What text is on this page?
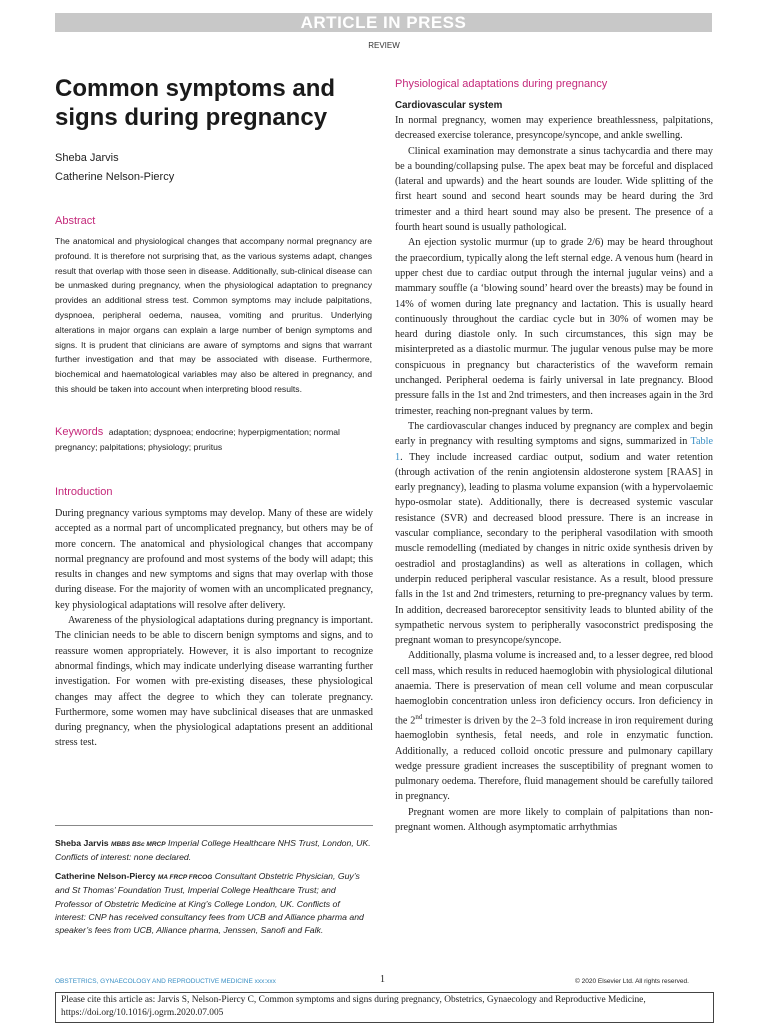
ARTICLE IN PRESS
REVIEW
Common symptoms and signs during pregnancy
Sheba Jarvis
Catherine Nelson-Piercy
Abstract

The anatomical and physiological changes that accompany normal pregnancy are profound. It is therefore not surprising that, as the various systems adapt, changes result that overlap with those seen in disease. Additionally, sub-clinical disease can be unmasked during pregnancy, when the physiological adaptation to pregnancy provides an additional stress test. Common symptoms may include palpitations, dyspnoea, peripheral oedema, nausea, vomiting and pruritus. Underlying alterations in major organs can explain a large number of benign symptoms and signs. It is prudent that clinicians are aware of symptoms and signs that warrant further investigation and that may be associated with disease. Furthermore, biochemical and haematological variables may also be altered in pregnancy, and this should be taken into account when interpreting blood results.

Keywords adaptation; dyspnoea; endocrine; hyperpigmentation; normal pregnancy; palpitations; physiology; pruritus

Introduction

During pregnancy various symptoms may develop. Many of these are widely accepted as a normal part of uncomplicated pregnancy, but others may be of more concern. The anatomical and physiological changes that accompany normal pregnancy are profound and most systems of the body will adapt; this results in changes and new symptoms and signs that may overlap with those during disease. For the majority of women with an uncomplicated pregnancy, key physiological adaptations will resolve after delivery.

Awareness of the physiological adaptations during pregnancy is important. The clinician needs to be able to discern benign symptoms and signs, and to reassure women appropriately. However, it is also important to recognize abnormal findings, which may indicate underlying disease warranting further investigation. For women with pre-existing diseases, these physiological changes may affect the degree to which they can tolerate pregnancy. Furthermore, some women may have subclinical diseases that are unmasked during pregnancy, when the physiological adaptations present an additional stress test.

Sheba Jarvis MBBS BSc MRCP Imperial College Healthcare NHS Trust, London, UK. Conflicts of interest: none declared.

Catherine Nelson-Piercy MA FRCP FRCOG Consultant Obstetric Physician, Guy’s and St Thomas’ Foundation Trust, Imperial College Healthcare Trust; and Professor of Obstetric Medicine at King’s College London, UK. Conflicts of interest: CNP has received consultancy fees from UCB and Alliance pharma and speaker’s fees from UCB, Alliance pharma, Jenssen, Sanofi and Falk.

Physiological adaptations during pregnancy
Cardiovascular system

In normal pregnancy, women may experience breathlessness, palpitations, decreased exercise tolerance, presyncope/syncope, and ankle swelling.

Clinical examination may demonstrate a sinus tachycardia and there may be a bounding/collapsing pulse. The apex beat may be forceful and displaced (lateral and upwards) and the heart sounds are louder. Wide splitting of the first heart sound and second heart sounds may be heard during the 3rd trimester and a third heart sound may also be present. The presence of a fourth heart sound is usually pathological.

An ejection systolic murmur (up to grade 2/6) may be heard throughout the praecordium, typically along the left sternal edge. A venous hum (heard in upper chest due to cardiac output through the internal jugular veins) and a mammary souffle (a ‘blowing sound’ heard over the breasts) may be found in 14% of women during late pregnancy and lactation. This is usually heard continuously throughout the cardiac cycle but in 30% of women may be heard during diastole only. In such circumstances, this sign may be misinterpreted as a diastolic murmur. The jugular venous pulse may be more conspicuous in pregnancy but characteristics of the waveform remain unchanged. Peripheral oedema is fairly universal in late pregnancy. Blood pressure falls in the 1st and 2nd trimesters, and then increases again in the 3rd trimester, reaching non-pregnant values by term.

The cardiovascular changes induced by pregnancy are complex and begin early in pregnancy with resulting symptoms and signs, summarized in Table 1. They include increased cardiac output, sodium and water retention (through activation of the renin angiotensin aldosterone system [RAAS] in early pregnancy), leading to plasma volume expansion (with a hypervolaemic hypo-osmolar state). Additionally, there is decreased systemic vascular resistance (SVR) and decreased blood pressure. There is an increase in vascular compliance, secondary to the peripheral vasodilation with smooth muscle remodelling (mediated by changes in nitric oxide synthesis driven by oestradiol and prostaglandins) as well as alterations in collagen, which underpin reduced peripheral vascular resistance. As a result, blood pressure falls in the 1st and 2nd trimesters, returning to pre-pregnancy values by term. In addition, decreased baroreceptor sensitivity leads to blunted ability of the sympathetic nervous system to peripherally vasoconstrict predisposing the pregnant woman to presyncope/syncope.

Additionally, plasma volume is increased and, to a lesser degree, red blood cell mass, which results in reduced haemoglobin with physiological dilutional anaemia. There is preservation of mean cell volume and mean corpuscular haemoglobin concentration unless iron deficiency occurs. Iron deficiency in the 2nd trimester is driven by the 2–3 fold increase in iron requirement during haemoglobin synthesis, fetal needs, and role in enzymatic function. Additionally, a reduced colloid oncotic pressure and pulmonary capillary wedge pressure gradient increases the susceptibility of pregnant women to pulmonary oedema. Therefore, fluid management should be carefully tailored in pregnancy.

Pregnant women are more likely to complain of palpitations than non-pregnant women. Although asymptomatic arrhythmias

OBSTETRICS, GYNAECOLOGY AND REPRODUCTIVE MEDICINE xxx:xxx	1	© 2020 Elsevier Ltd. All rights reserved.
Please cite this article as: Jarvis S, Nelson-Piercy C, Common symptoms and signs during pregnancy, Obstetrics, Gynaecology and Reproductive Medicine, https://doi.org/10.1016/j.ogrm.2020.07.005
